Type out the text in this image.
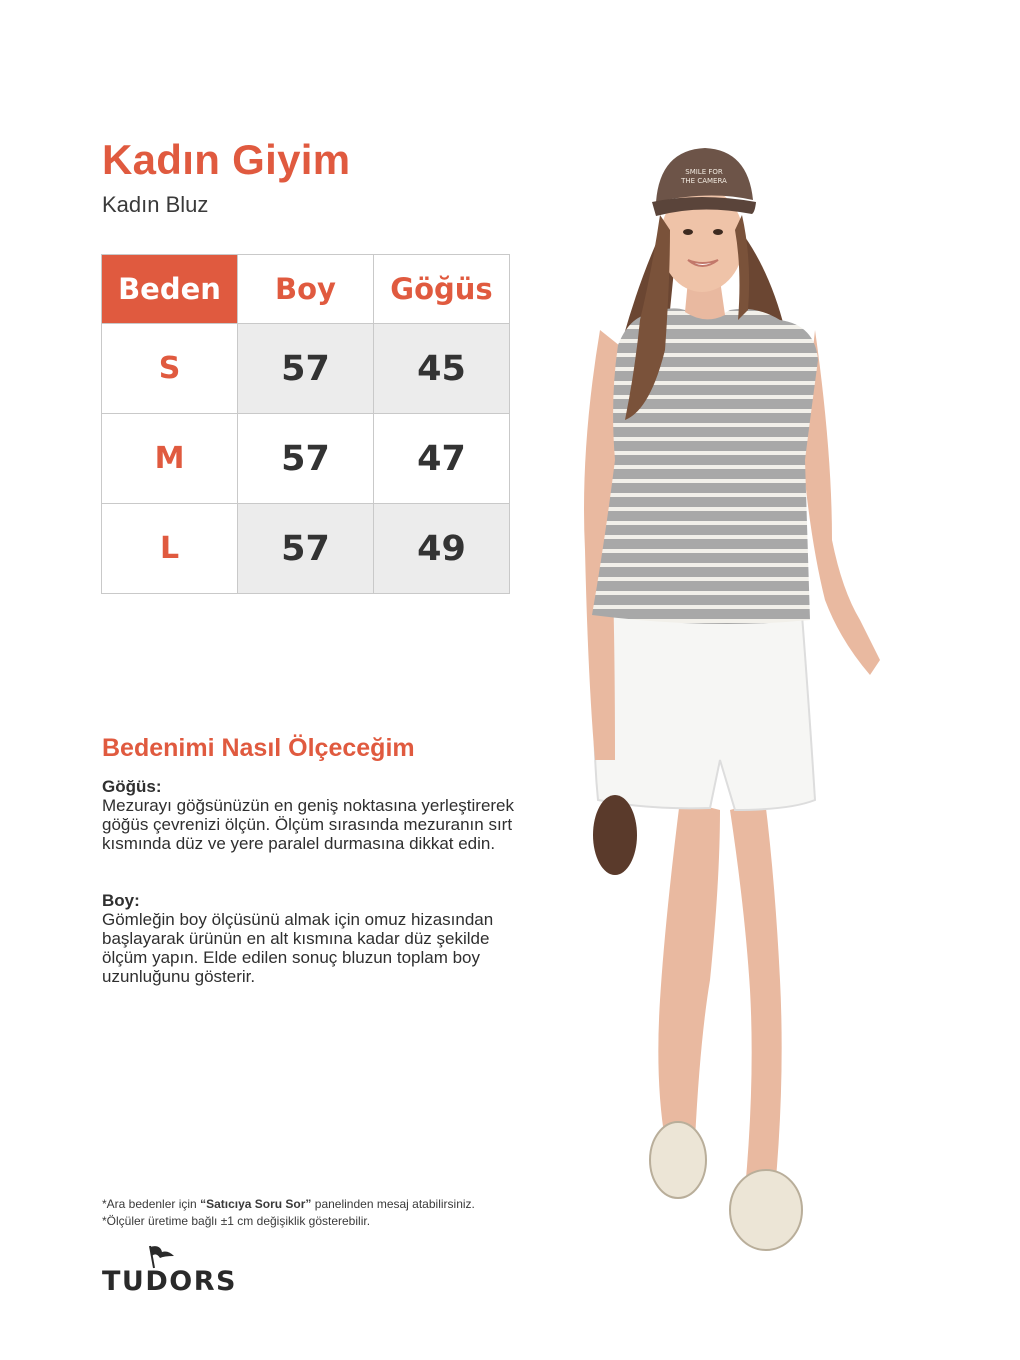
Kadın Giyim
Kadın Bluz
Beden	Boy	Göğüs
S	57	45
M	57	47
L	57	49
Bedenimi Nasıl Ölçeceğim
Göğüs:
Mezurayı göğsünüzün en geniş noktasına yerleştirerek göğüs çevrenizi ölçün. Ölçüm sırasında mezuranın sırt kısmında düz ve yere paralel durmasına dikkat edin.
Boy:
Gömleğin boy ölçüsünü almak için omuz hizasından başlayarak ürünün en alt kısmına kadar düz şekilde ölçüm yapın. Elde edilen sonuç bluzun toplam boy uzunluğunu gösterir.
*Ara bedenler için “Satıcıya Soru Sor” panelinden mesaj atabilirsiniz.
*Ölçüler üretime bağlı ±1 cm değişiklik gösterebilir.
TUDORS
SMILE FOR
THE CAMERA
